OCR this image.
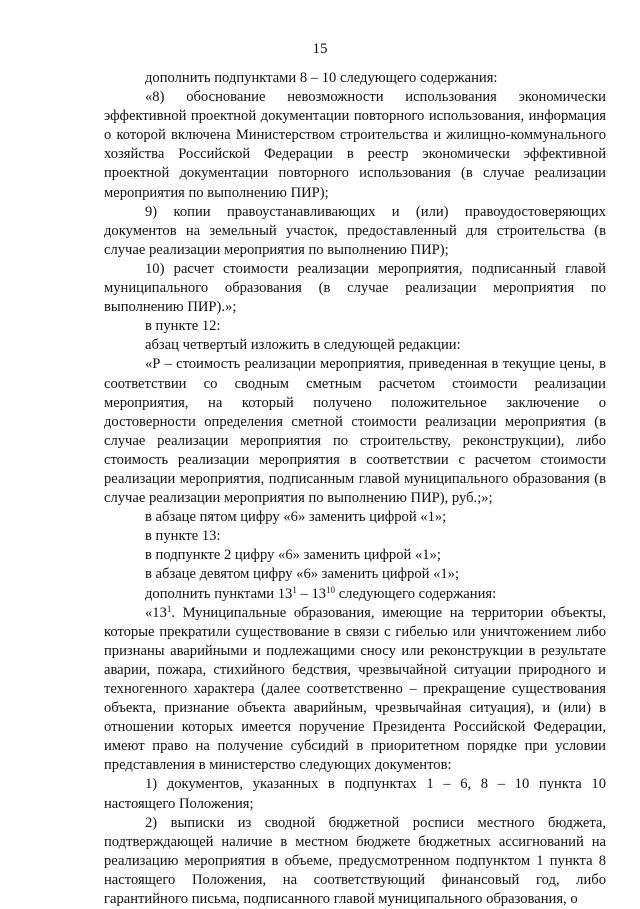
15

дополнить подпунктами 8 – 10 следующего содержания:

«8) обоснование невозможности использования экономически эффективной проектной документации повторного использования, информация о которой включена Министерством строительства и жилищно-коммунального хозяйства Российской Федерации в реестр экономически эффективной проектной документации повторного использования (в случае реализации мероприятия по выполнению ПИР);

9) копии правоустанавливающих и (или) правоудостоверяющих документов на земельный участок, предоставленный для строительства (в случае реализации мероприятия по выполнению ПИР);

10) расчет стоимости реализации мероприятия, подписанный главой муниципального образования (в случае реализации мероприятия по выполнению ПИР).»;

в пункте 12:

абзац четвертый изложить в следующей редакции:

«Р – стоимость реализации мероприятия, приведенная в текущие цены, в соответствии со сводным сметным расчетом стоимости реализации мероприятия, на который получено положительное заключение о достоверности определения сметной стоимости реализации мероприятия (в случае реализации мероприятия по строительству, реконструкции), либо стоимость реализации мероприятия в соответствии с расчетом стоимости реализации мероприятия, подписанным главой муниципального образования (в случае реализации мероприятия по выполнению ПИР), руб.;»;

в абзаце пятом цифру «6» заменить цифрой «1»;

в пункте 13:

в подпункте 2 цифру «6» заменить цифрой «1»;

в абзаце девятом цифру «6» заменить цифрой «1»;

дополнить пунктами $13^1 - 13^{10}$ следующего содержания:

«$13^1$. Муниципальные образования, имеющие на территории объекты, которые прекратили существование в связи с гибелью или уничтожением либо признаны аварийными и подлежащими сносу или реконструкции в результате аварии, пожара, стихийного бедствия, чрезвычайной ситуации природного и техногенного характера (далее соответственно – прекращение существования объекта, признание объекта аварийным, чрезвычайная ситуация), и (или) в отношении которых имеется поручение Президента Российской Федерации, имеют право на получение субсидий в приоритетном порядке при условии представления в министерство следующих документов:

1) документов, указанных в подпунктах 1 – 6, 8 – 10 пункта 10 настоящего Положения;

2) выписки из сводной бюджетной росписи местного бюджета, подтверждающей наличие в местном бюджете бюджетных ассигнований на реализацию мероприятия в объеме, предусмотренном подпунктом 1 пункта 8 настоящего Положения, на соответствующий финансовый год, либо гарантийного письма, подписанного главой муниципального образования, о
